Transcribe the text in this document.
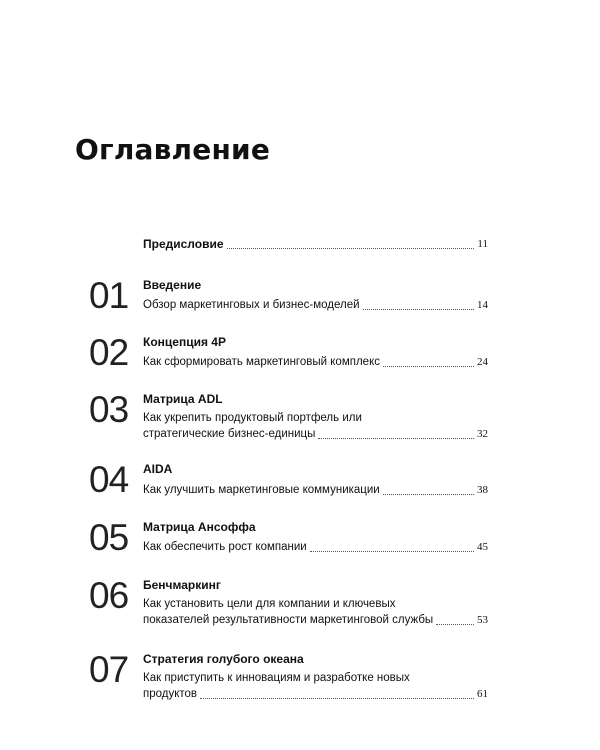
Оглавление
Предисловие	11
01 Введение
Обзор маркетинговых и бизнес-моделей	14
02 Концепция 4P
Как сформировать маркетинговый комплекс	24
03 Матрица ADL
Как укрепить продуктовый портфель или
стратегические бизнес-единицы	32
04 AIDA
Как улучшить маркетинговые коммуникации	38
05 Матрица Ансоффа
Как обеспечить рост компании	45
06 Бенчмаркинг
Как установить цели для компании и ключевых
показателей результативности маркетинговой службы	53
07 Стратегия голубого океана
Как приступить к инновациям и разработке новых
продуктов	61
